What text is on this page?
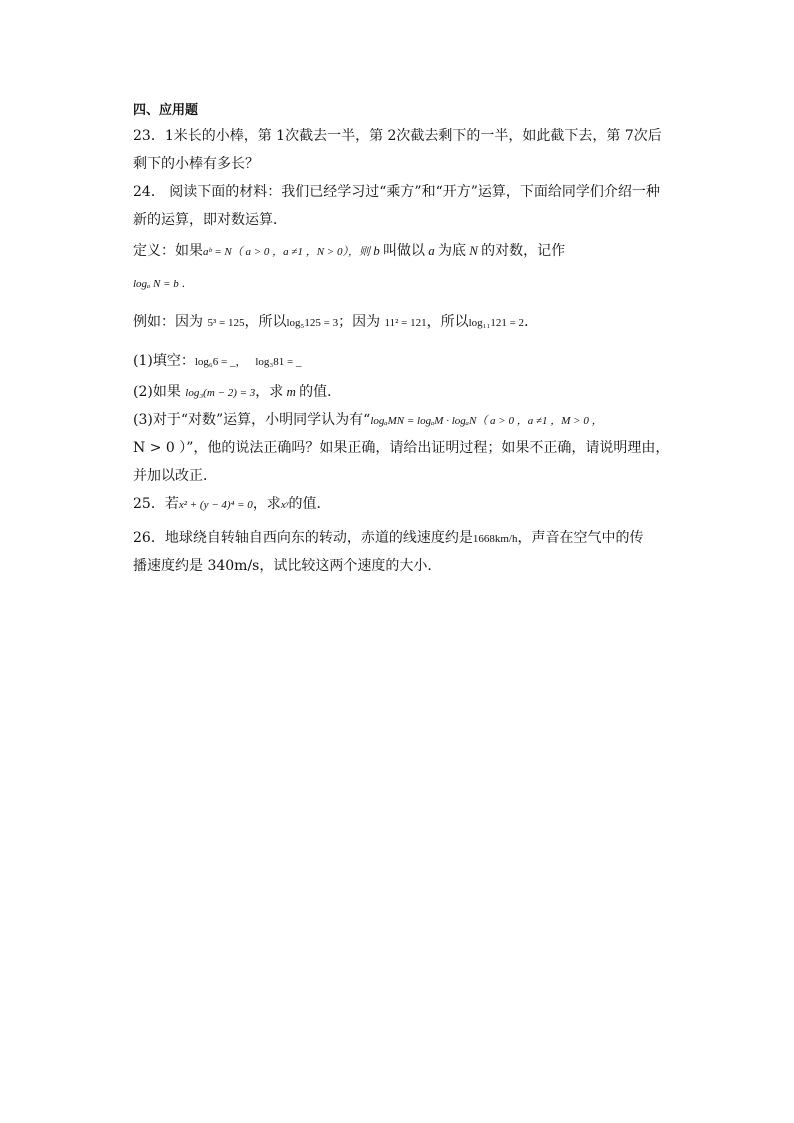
四、应用题

23．1米长的小棒，第 1次截去一半，第 2次截去剩下的一半，如此截下去，第 7次后

剩下的小棒有多长？

24． 阅读下面的材料：我们已经学习过“乘方”和“开方”运算，下面给同学们介绍一种

新的运算，即对数运算．

定义：如果aᵇ = N（ a > 0 ，a ≠1 ，N > 0），则 b 叫做以 a 为底 N 的对数，记作

logₐ N = b ．

例如：因为 5³ = 125，所以log₅125 = 3；因为 11² = 121，所以log₁₁121 = 2．

(1)填空：log₆6 = _， log₃81 = _

(2)如果 log₃(m − 2) = 3，求 m 的值．

(3)对于“对数”运算，小明同学认为有“logₐMN = logₐM · logₐN（ a > 0 ，a ≠1 ，M > 0 ，

N > 0 ）”，他的说法正确吗？如果正确，请给出证明过程；如果不正确，请说明理由，

并加以改正．

25．若x² + (y − 4)⁴ = 0，求xʸ的值．

26．地球绕自转轴自西向东的转动，赤道的线速度约是1668km/h，声音在空气中的传

播速度约是 340m/s，试比较这两个速度的大小．
